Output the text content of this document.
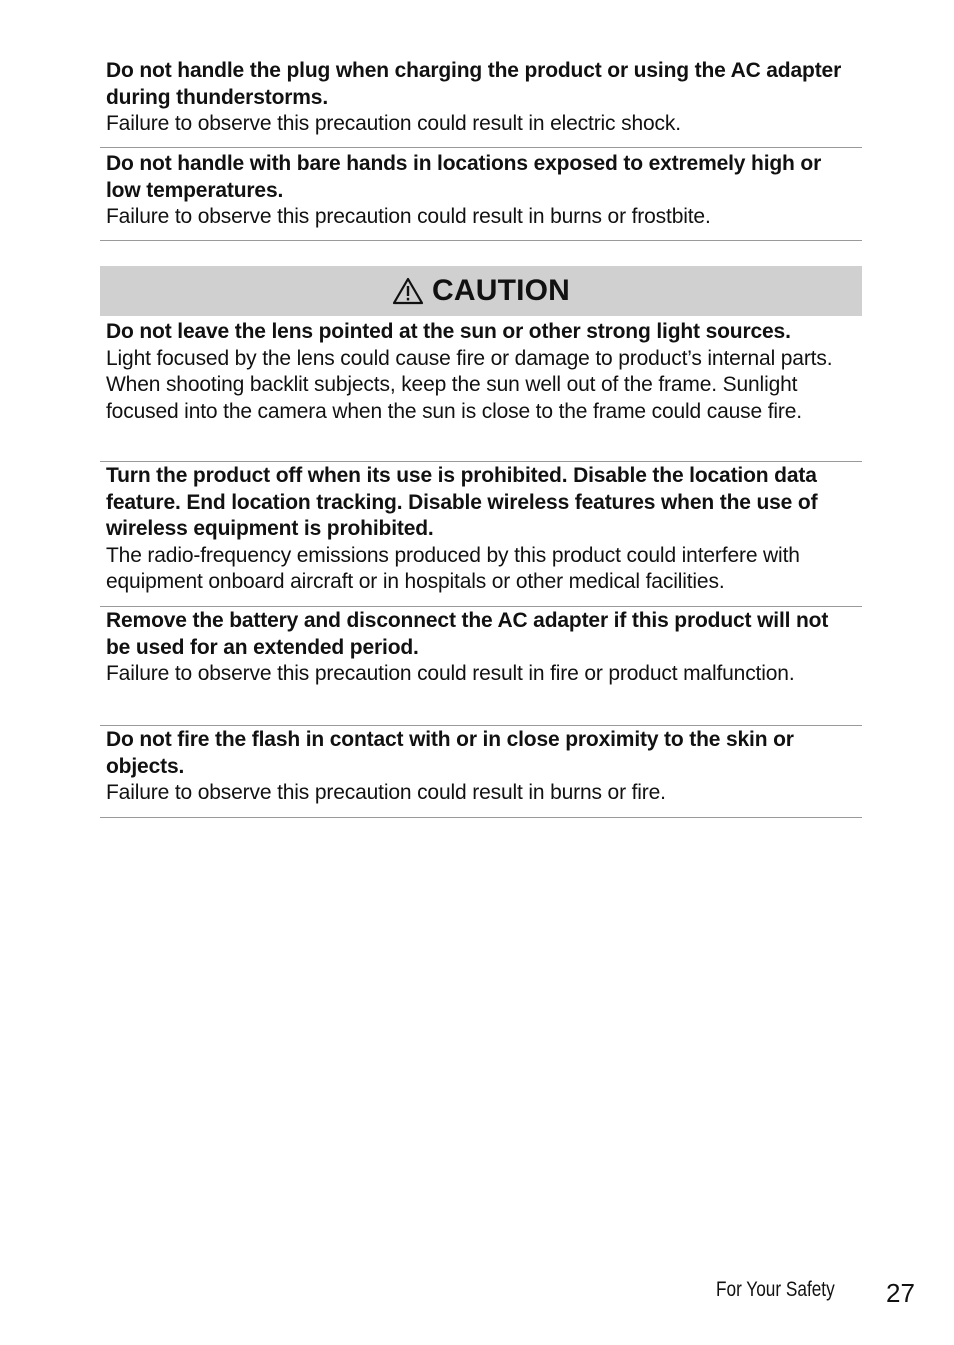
Do not handle the plug when charging the product or using the AC adapter during thunderstorms.

Failure to observe this precaution could result in electric shock.

Do not handle with bare hands in locations exposed to extremely high or low temperatures.

Failure to observe this precaution could result in burns or frostbite.

CAUTION

Do not leave the lens pointed at the sun or other strong light sources.

Light focused by the lens could cause fire or damage to product’s internal parts. When shooting backlit subjects, keep the sun well out of the frame. Sunlight focused into the camera when the sun is close to the frame could cause fire.

Turn the product off when its use is prohibited. Disable the location data feature. End location tracking. Disable wireless features when the use of wireless equipment is prohibited.

The radio-frequency emissions produced by this product could interfere with equipment onboard aircraft or in hospitals or other medical facilities.

Remove the battery and disconnect the AC adapter if this product will not be used for an extended period.

Failure to observe this precaution could result in fire or product malfunction.

Do not fire the flash in contact with or in close proximity to the skin or objects.

Failure to observe this precaution could result in burns or fire.

For Your Safety 27
